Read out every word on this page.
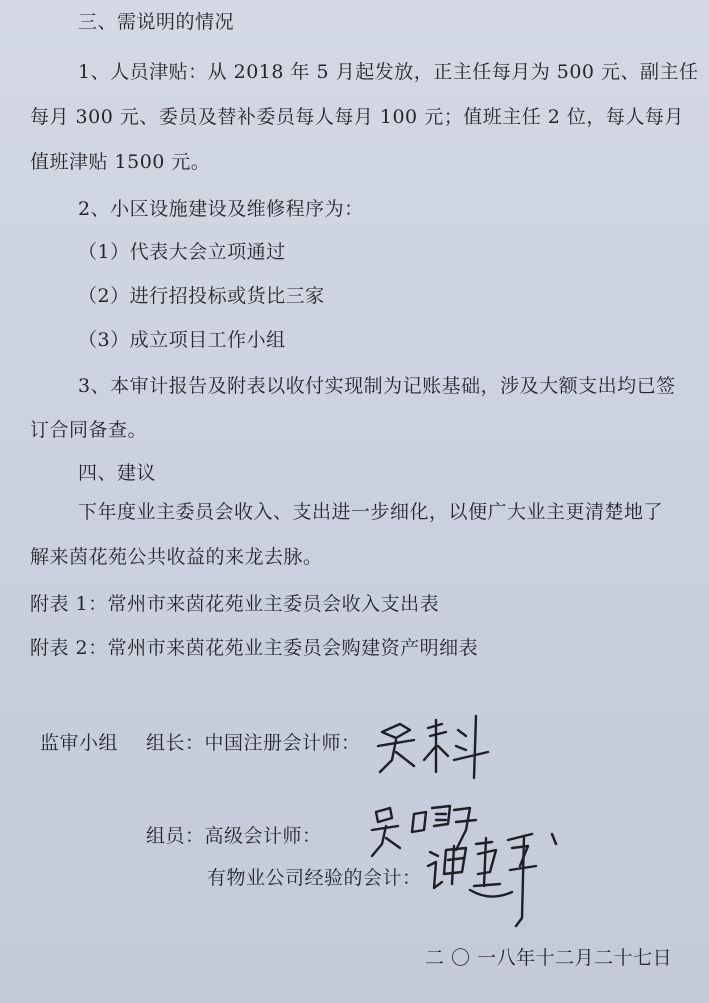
三、需说明的情况
1、人员津贴：从 2018 年 5 月起发放，正主任每月为 500 元、副主任
每月 300 元、委员及替补委员每人每月 100 元；值班主任 2 位，每人每月
值班津贴 1500 元。
2、小区设施建设及维修程序为：
（1）代表大会立项通过
（2）进行招投标或货比三家
（3）成立项目工作小组
3、本审计报告及附表以收付实现制为记账基础，涉及大额支出均已签
订合同备查。
四、建议
下年度业主委员会收入、支出进一步细化，以便广大业主更清楚地了
解来茵花苑公共收益的来龙去脉。
附表 1：常州市来茵花苑业主委员会收入支出表
附表 2：常州市来茵花苑业主委员会购建资产明细表
监审小组 组长：中国注册会计师：
组员：高级会计师：
有物业公司经验的会计：
二 〇 一八年十二月二十七日
